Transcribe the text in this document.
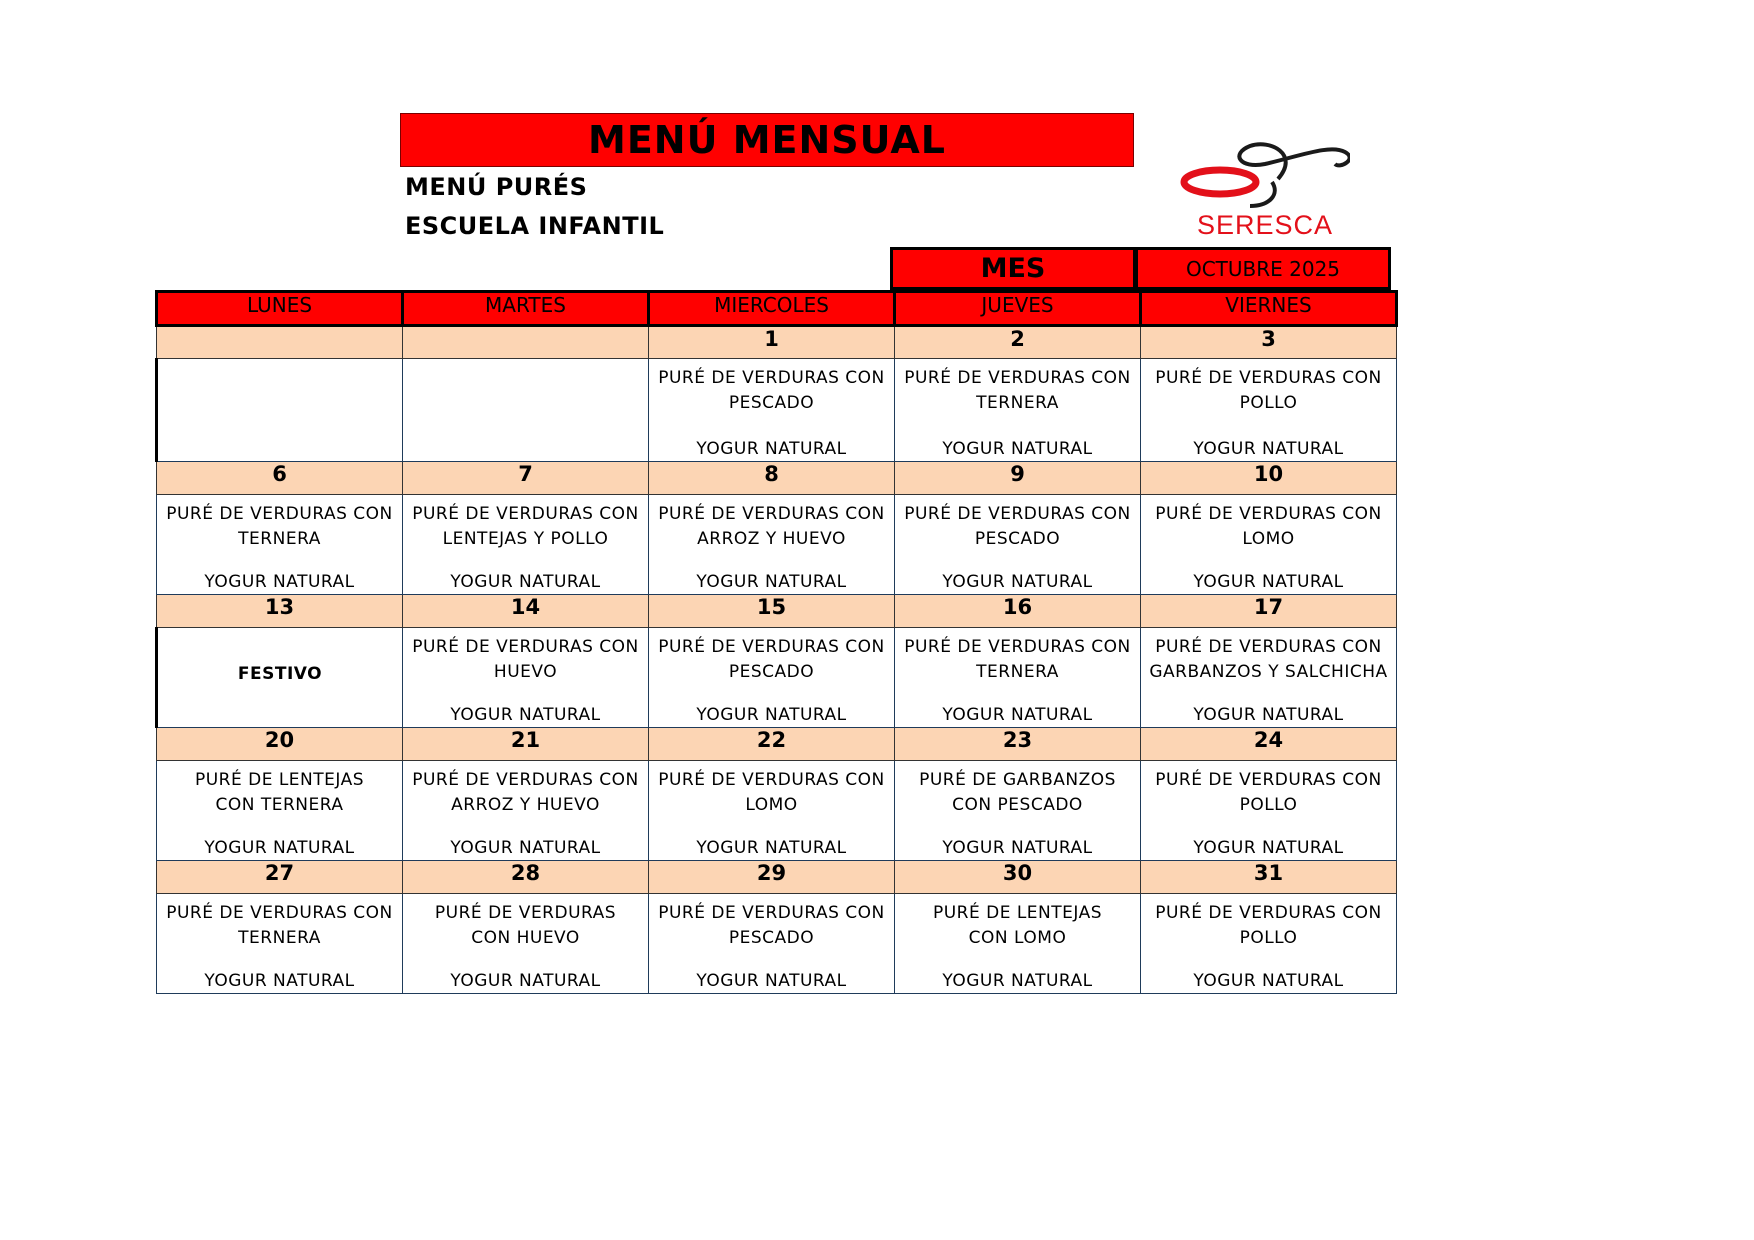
MENÚ MENSUAL
MENÚ PURÉS
ESCUELA INFANTIL	SERESCA
MES	OCTUBRE 2025
LUNES	MARTES	MIERCOLES	JUEVES	VIERNES
		1	2	3

		PURÉ DE VERDURAS CON
PESCADO
YOGUR NATURAL	PURÉ DE VERDURAS CON
TERNERA
YOGUR NATURAL	PURÉ DE VERDURAS CON
POLLO
YOGUR NATURAL

6	7	8	9	10

PURÉ DE VERDURAS CON
TERNERA
YOGUR NATURAL	PURÉ DE VERDURAS CON
LENTEJAS Y POLLO
YOGUR NATURAL	PURÉ DE VERDURAS CON
ARROZ Y HUEVO
YOGUR NATURAL	PURÉ DE VERDURAS CON
PESCADO
YOGUR NATURAL	PURÉ DE VERDURAS CON
LOMO
YOGUR NATURAL

13	14	15	16	17

FESTIVO	PURÉ DE VERDURAS CON
HUEVO
YOGUR NATURAL	PURÉ DE VERDURAS CON
PESCADO
YOGUR NATURAL	PURÉ DE VERDURAS CON
TERNERA
YOGUR NATURAL	PURÉ DE VERDURAS CON
GARBANZOS Y SALCHICHA
YOGUR NATURAL

20	21	22	23	24

PURÉ DE LENTEJAS
CON TERNERA
YOGUR NATURAL	PURÉ DE VERDURAS CON
ARROZ Y HUEVO
YOGUR NATURAL	PURÉ DE VERDURAS CON
LOMO
YOGUR NATURAL	PURÉ DE GARBANZOS
CON PESCADO
YOGUR NATURAL	PURÉ DE VERDURAS CON
POLLO
YOGUR NATURAL

27	28	29	30	31

PURÉ DE VERDURAS CON
TERNERA
YOGUR NATURAL	PURÉ DE VERDURAS
CON HUEVO
YOGUR NATURAL	PURÉ DE VERDURAS CON
PESCADO
YOGUR NATURAL	PURÉ DE LENTEJAS
CON LOMO
YOGUR NATURAL	PURÉ DE VERDURAS CON
POLLO
YOGUR NATURAL
